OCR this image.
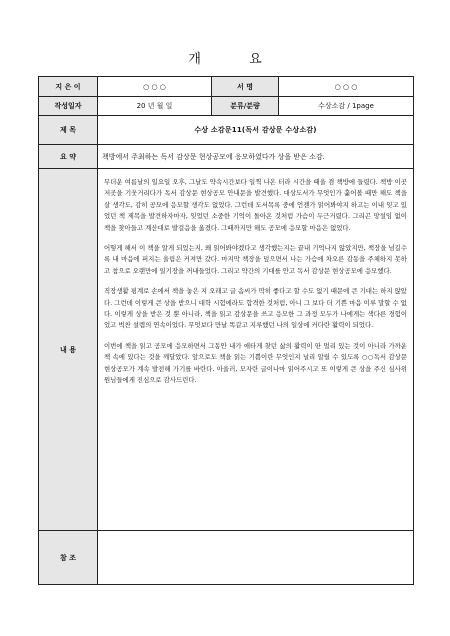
개 요
지 은 이	○ ○ ○	서 명	○ ○ ○
작성일자	20 년 월 일	분류/분량	수상소감 / 1page
제 목	수상 소감문11(독서 감상문 수상소감)		
요 약	책방에서 주최하는 독서 감상문 현상공모에 응모하였다가 상을 받은 소감.		
내 용	무더운 여름날의 일요일 오후, 그날도 약속시간보다 일찍 나온 터라 시간을 때울 겸 책방에 들렸다. 책방 이곳저곳을 기웃거리다가 독서 감상문 현상공모 안내문을 발견했다. 대상도서가 무엇인가 훑어볼 때만 해도 책을 살 생각도, 감히 공모에 응모할 생각도 없었다. 그런데 도서목록 중에 언젠가 읽어봐야지 하고는 이내 잊고 있었던 책 제목을 발견하자마자, 잊었던 소중한 기억이 돌아온 것처럼 가슴이 두근거렸다. 그리곤 망설임 없이 책을 찾아들고 계산대로 발걸음을 옮겼다. 그때까지만 해도 공모에 응모할 마음은 없었다.

어떻게 해서 이 책을 알게 되었는지, 왜 읽어봐야겠다고 생각했는지는 끝내 기억나지 않았지만, 책장을 넘길수록 내 마음에 퍼지는 울림은 커져만 갔다. 마지막 책장을 덮으면서 나는 가슴에 차오른 감동을 주체하지 못하고 참으로 오랜만에 일기장을 꺼내들었다. 그리고 약간의 기대를 안고 독서 감상문 현상공모에 응모했다.

직장생활 핑계로 손에서 책을 놓은 지 오래고 글 솜씨가 딱히 좋다고 할 수도 없기 때문에 큰 기대는 하지 않았다. 그런데 이렇게 큰 상을 받으니 대학 시험에라도 합격한 것처럼, 아니 그 보다 더 기쁜 마음 이루 말할 수 없다. 이렇게 상을 받은 것 뿐 아니라, 책을 읽고 감상문을 쓰고 응모한 그 과정 모두가 나에게는 색다른 경험이었고 벅찬 설렘의 연속이었다. 무엇보다 만날 똑같고 지루했던 나의 일상에 커다란 활력이 되었다.

이번에 책을 읽고 공모에 응모하면서 그동안 내가 애타게 찾던 삶의 활력이 딴 멀리 있는 것이 아니라 가까운 책 속에 있다는 것을 깨달았다. 앞으로도 책을 읽는 기쁨이란 무엇인지 널리 알릴 수 있도록 ○○독서 감상문 현상공모가 계속 발전해 가기를 바란다. 아울러, 모자란 글이나마 읽어주시고 또 이렇게 큰 상을 주신 심사위원님들에게 진심으로 감사드린다.		

참 조			
